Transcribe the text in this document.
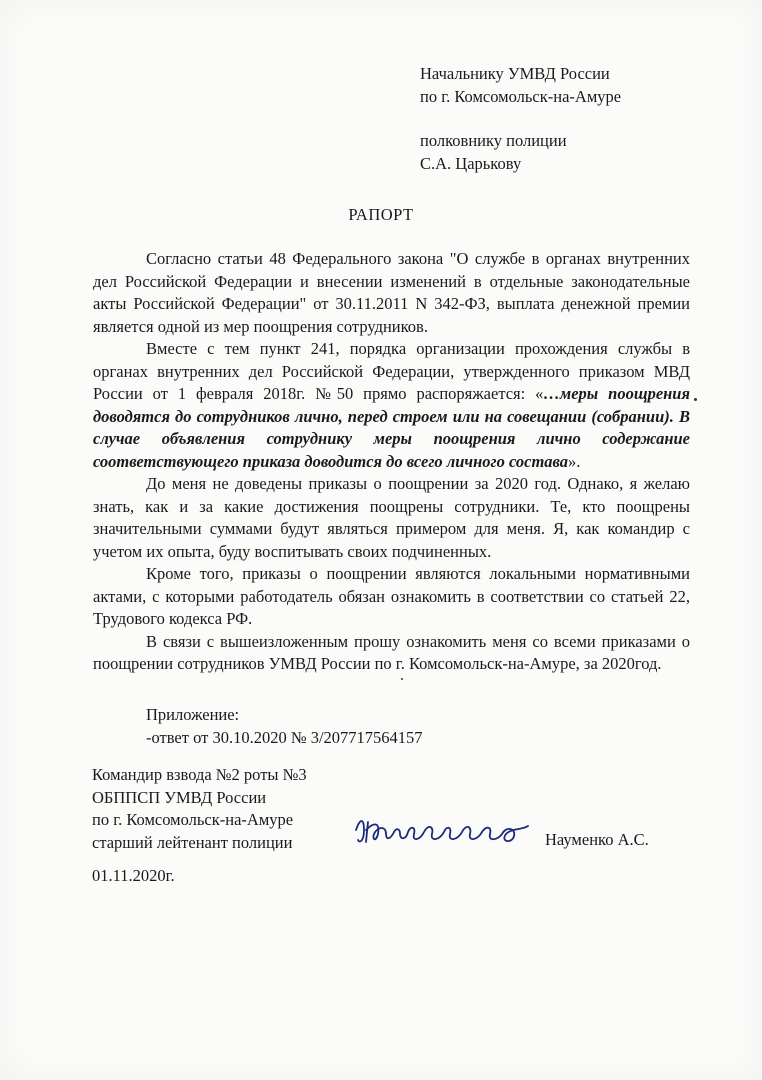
Начальнику УМВД России
по г. Комсомольск-на-Амуре
полковнику полиции
С.А. Царькову
РАПОРТ

Согласно статьи 48 Федерального закона "О службе в органах внутренних дел Российской Федерации и внесении изменений в отдельные законодательные акты Российской Федерации" от 30.11.2011 N 342-ФЗ, выплата денежной премии является одной из мер поощрения сотрудников.

Вместе с тем пункт 241, порядка организации прохождения службы в органах внутренних дел Российской Федерации, утвержденного приказом МВД России от 1 февраля 2018г. №50 прямо распоряжается: «…меры поощрения доводятся до сотрудников лично, перед строем или на совещании (собрании). В случае объявления сотруднику меры поощрения лично содержание соответствующего приказа доводится до всего личного состава».

До меня не доведены приказы о поощрении за 2020 год. Однако, я желаю знать, как и за какие достижения поощрены сотрудники. Те, кто поощрены значительными суммами будут являться примером для меня. Я, как командир с учетом их опыта, буду воспитывать своих подчиненных.

Кроме того, приказы о поощрении являются локальными нормативными актами, с которыми работодатель обязан ознакомить в соответствии со статьей 22, Трудового кодекса РФ.

В связи с вышеизложенным прошу ознакомить меня со всеми приказами о поощрении сотрудников УМВД России по г. Комсомольск-на-Амуре, за 2020год.

Приложение:
-ответ от 30.10.2020 № 3/207717564157
Командир взвода №2 роты №3
ОБППСП УМВД России
по г. Комсомольск-на-Амуре
старший лейтенант полиции	Науменко А.С.
01.11.2020г.
